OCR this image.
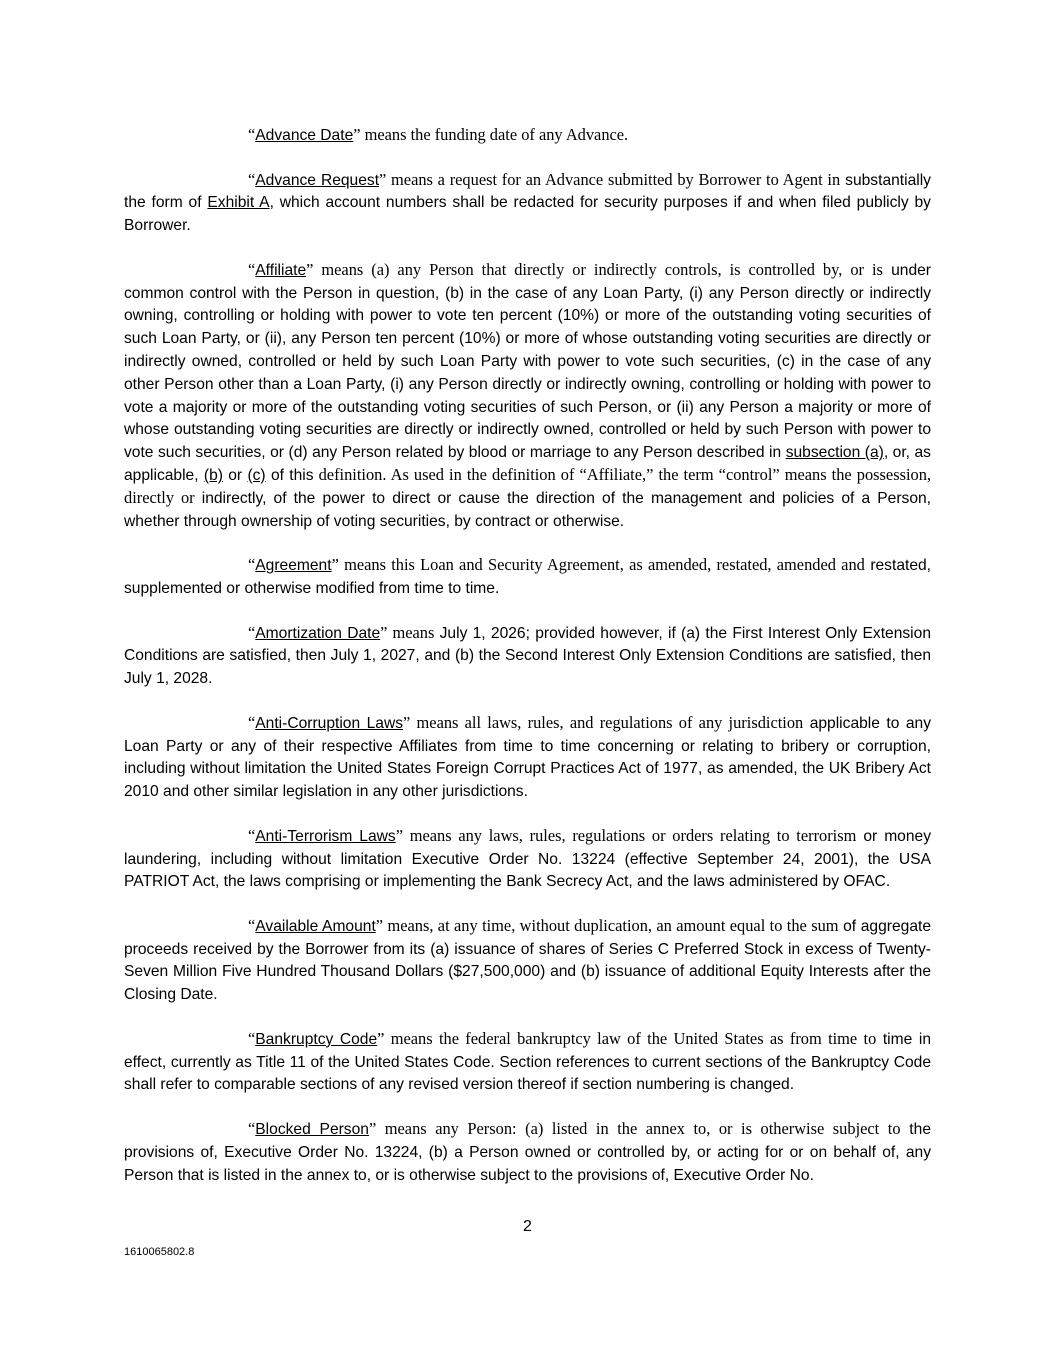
“Advance Date” means the funding date of any Advance.

“Advance Request” means a request for an Advance submitted by Borrower to Agent in substantially the form of Exhibit A, which account numbers shall be redacted for security purposes if and when filed publicly by Borrower.

“Affiliate” means (a) any Person that directly or indirectly controls, is controlled by, or is under common control with the Person in question, (b) in the case of any Loan Party, (i) any Person directly or indirectly owning, controlling or holding with power to vote ten percent (10%) or more of the outstanding voting securities of such Loan Party, or (ii), any Person ten percent (10%) or more of whose outstanding voting securities are directly or indirectly owned, controlled or held by such Loan Party with power to vote such securities, (c) in the case of any other Person other than a Loan Party, (i) any Person directly or indirectly owning, controlling or holding with power to vote a majority or more of the outstanding voting securities of such Person, or (ii) any Person a majority or more of whose outstanding voting securities are directly or indirectly owned, controlled or held by such Person with power to vote such securities, or (d) any Person related by blood or marriage to any Person described in subsection (a), or, as applicable, (b) or (c) of this definition. As used in the definition of “Affiliate,” the term “control” means the possession, directly or indirectly, of the power to direct or cause the direction of the management and policies of a Person, whether through ownership of voting securities, by contract or otherwise.

“Agreement” means this Loan and Security Agreement, as amended, restated, amended and restated, supplemented or otherwise modified from time to time.

“Amortization Date” means July 1, 2026; provided however, if (a) the First Interest Only Extension Conditions are satisfied, then July 1, 2027, and (b) the Second Interest Only Extension Conditions are satisfied, then July 1, 2028.

“Anti-Corruption Laws” means all laws, rules, and regulations of any jurisdiction applicable to any Loan Party or any of their respective Affiliates from time to time concerning or relating to bribery or corruption, including without limitation the United States Foreign Corrupt Practices Act of 1977, as amended, the UK Bribery Act 2010 and other similar legislation in any other jurisdictions.

“Anti-Terrorism Laws” means any laws, rules, regulations or orders relating to terrorism or money laundering, including without limitation Executive Order No. 13224 (effective September 24, 2001), the USA PATRIOT Act, the laws comprising or implementing the Bank Secrecy Act, and the laws administered by OFAC.

“Available Amount” means, at any time, without duplication, an amount equal to the sum of aggregate proceeds received by the Borrower from its (a) issuance of shares of Series C Preferred Stock in excess of Twenty-Seven Million Five Hundred Thousand Dollars ($27,500,000) and (b) issuance of additional Equity Interests after the Closing Date.

“Bankruptcy Code” means the federal bankruptcy law of the United States as from time to time in effect, currently as Title 11 of the United States Code. Section references to current sections of the Bankruptcy Code shall refer to comparable sections of any revised version thereof if section numbering is changed.

“Blocked Person” means any Person: (a) listed in the annex to, or is otherwise subject to the provisions of, Executive Order No. 13224, (b) a Person owned or controlled by, or acting for or on behalf of, any Person that is listed in the annex to, or is otherwise subject to the provisions of, Executive Order No.

2
1610065802.8
